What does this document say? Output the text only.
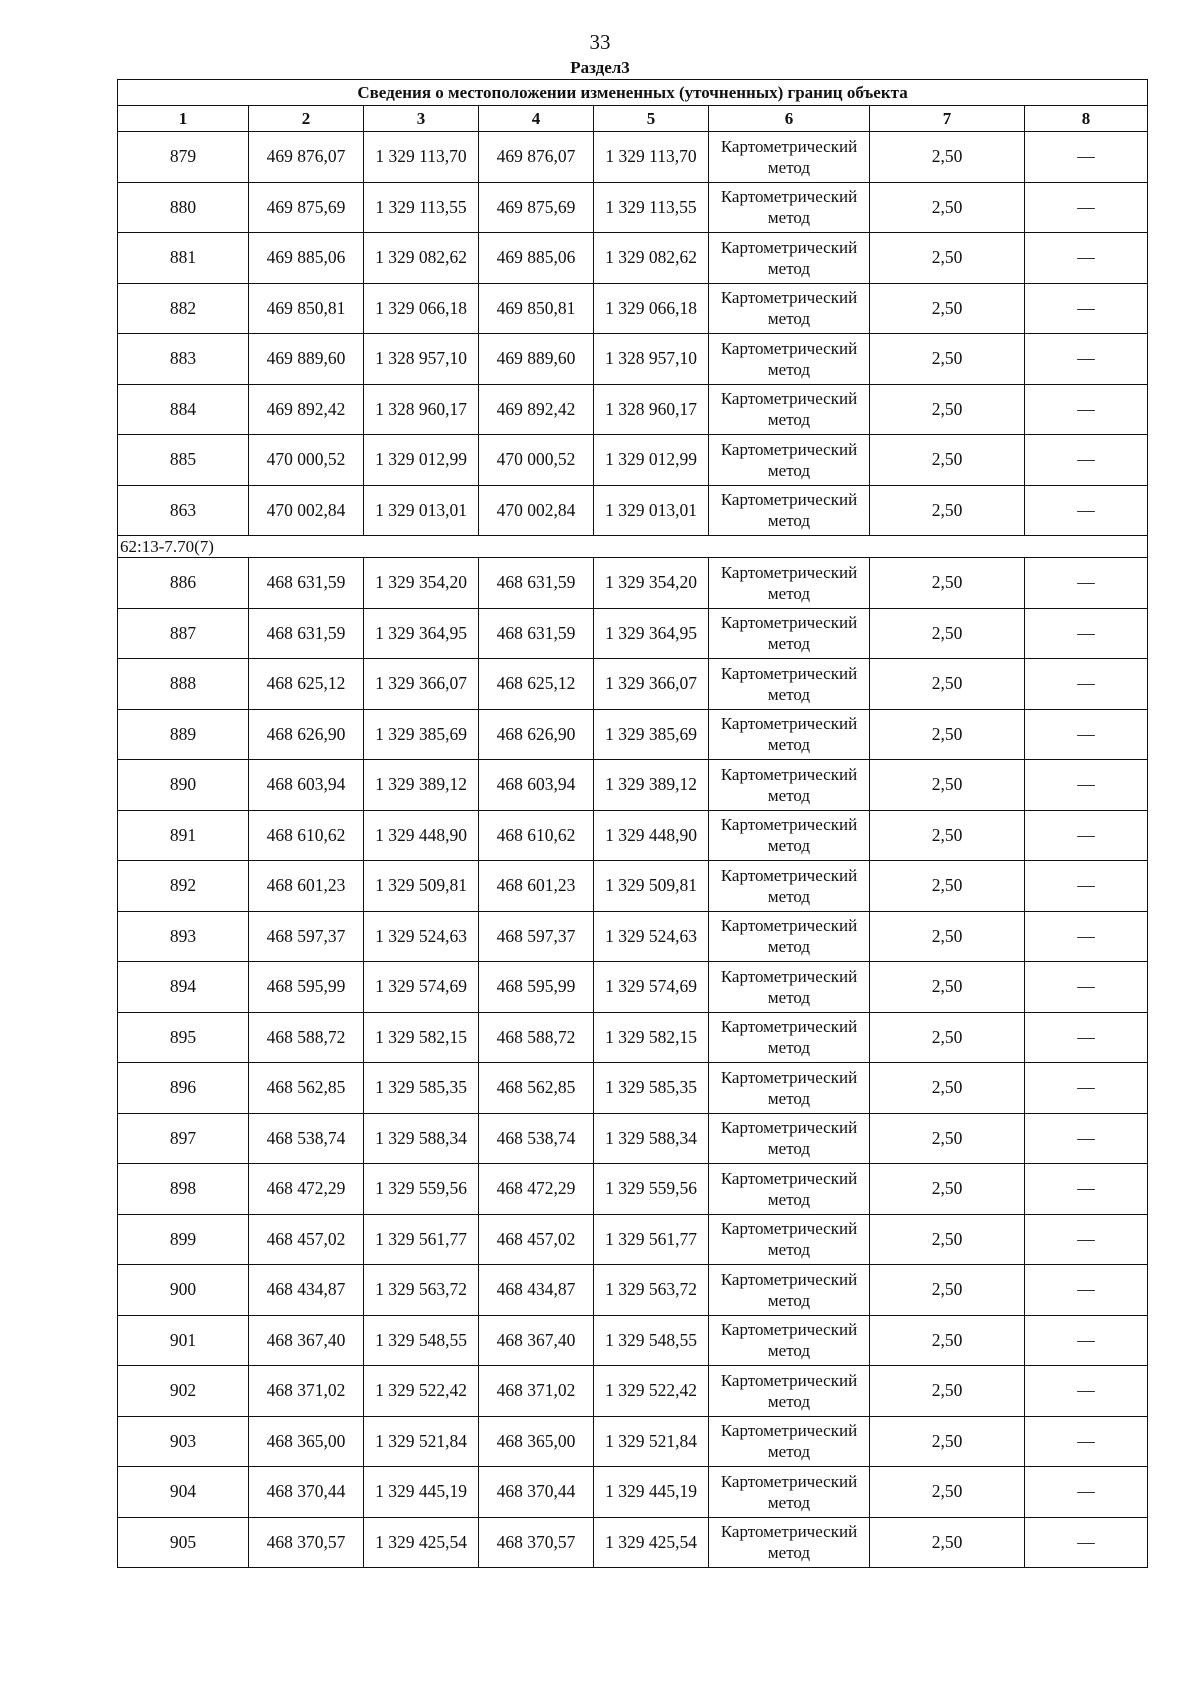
33
Раздел3
Сведения о местоположении измененных (уточненных) границ объекта							
1	2	3	4	5	6	7	8
879	469 876,07	1 329 113,70	469 876,07	1 329 113,70	Картометрический метод	2,50	—
880	469 875,69	1 329 113,55	469 875,69	1 329 113,55	Картометрический метод	2,50	—
881	469 885,06	1 329 082,62	469 885,06	1 329 082,62	Картометрический метод	2,50	—
882	469 850,81	1 329 066,18	469 850,81	1 329 066,18	Картометрический метод	2,50	—
883	469 889,60	1 328 957,10	469 889,60	1 328 957,10	Картометрический метод	2,50	—
884	469 892,42	1 328 960,17	469 892,42	1 328 960,17	Картометрический метод	2,50	—
885	470 000,52	1 329 012,99	470 000,52	1 329 012,99	Картометрический метод	2,50	—
863	470 002,84	1 329 013,01	470 002,84	1 329 013,01	Картометрический метод	2,50	—
62:13-7.70(7)							
886	468 631,59	1 329 354,20	468 631,59	1 329 354,20	Картометрический метод	2,50	—
887	468 631,59	1 329 364,95	468 631,59	1 329 364,95	Картометрический метод	2,50	—
888	468 625,12	1 329 366,07	468 625,12	1 329 366,07	Картометрический метод	2,50	—
889	468 626,90	1 329 385,69	468 626,90	1 329 385,69	Картометрический метод	2,50	—
890	468 603,94	1 329 389,12	468 603,94	1 329 389,12	Картометрический метод	2,50	—
891	468 610,62	1 329 448,90	468 610,62	1 329 448,90	Картометрический метод	2,50	—
892	468 601,23	1 329 509,81	468 601,23	1 329 509,81	Картометрический метод	2,50	—
893	468 597,37	1 329 524,63	468 597,37	1 329 524,63	Картометрический метод	2,50	—
894	468 595,99	1 329 574,69	468 595,99	1 329 574,69	Картометрический метод	2,50	—
895	468 588,72	1 329 582,15	468 588,72	1 329 582,15	Картометрический метод	2,50	—
896	468 562,85	1 329 585,35	468 562,85	1 329 585,35	Картометрический метод	2,50	—
897	468 538,74	1 329 588,34	468 538,74	1 329 588,34	Картометрический метод	2,50	—
898	468 472,29	1 329 559,56	468 472,29	1 329 559,56	Картометрический метод	2,50	—
899	468 457,02	1 329 561,77	468 457,02	1 329 561,77	Картометрический метод	2,50	—
900	468 434,87	1 329 563,72	468 434,87	1 329 563,72	Картометрический метод	2,50	—
901	468 367,40	1 329 548,55	468 367,40	1 329 548,55	Картометрический метод	2,50	—
902	468 371,02	1 329 522,42	468 371,02	1 329 522,42	Картометрический метод	2,50	—
903	468 365,00	1 329 521,84	468 365,00	1 329 521,84	Картометрический метод	2,50	—
904	468 370,44	1 329 445,19	468 370,44	1 329 445,19	Картометрический метод	2,50	—
905	468 370,57	1 329 425,54	468 370,57	1 329 425,54	Картометрический метод	2,50	—
